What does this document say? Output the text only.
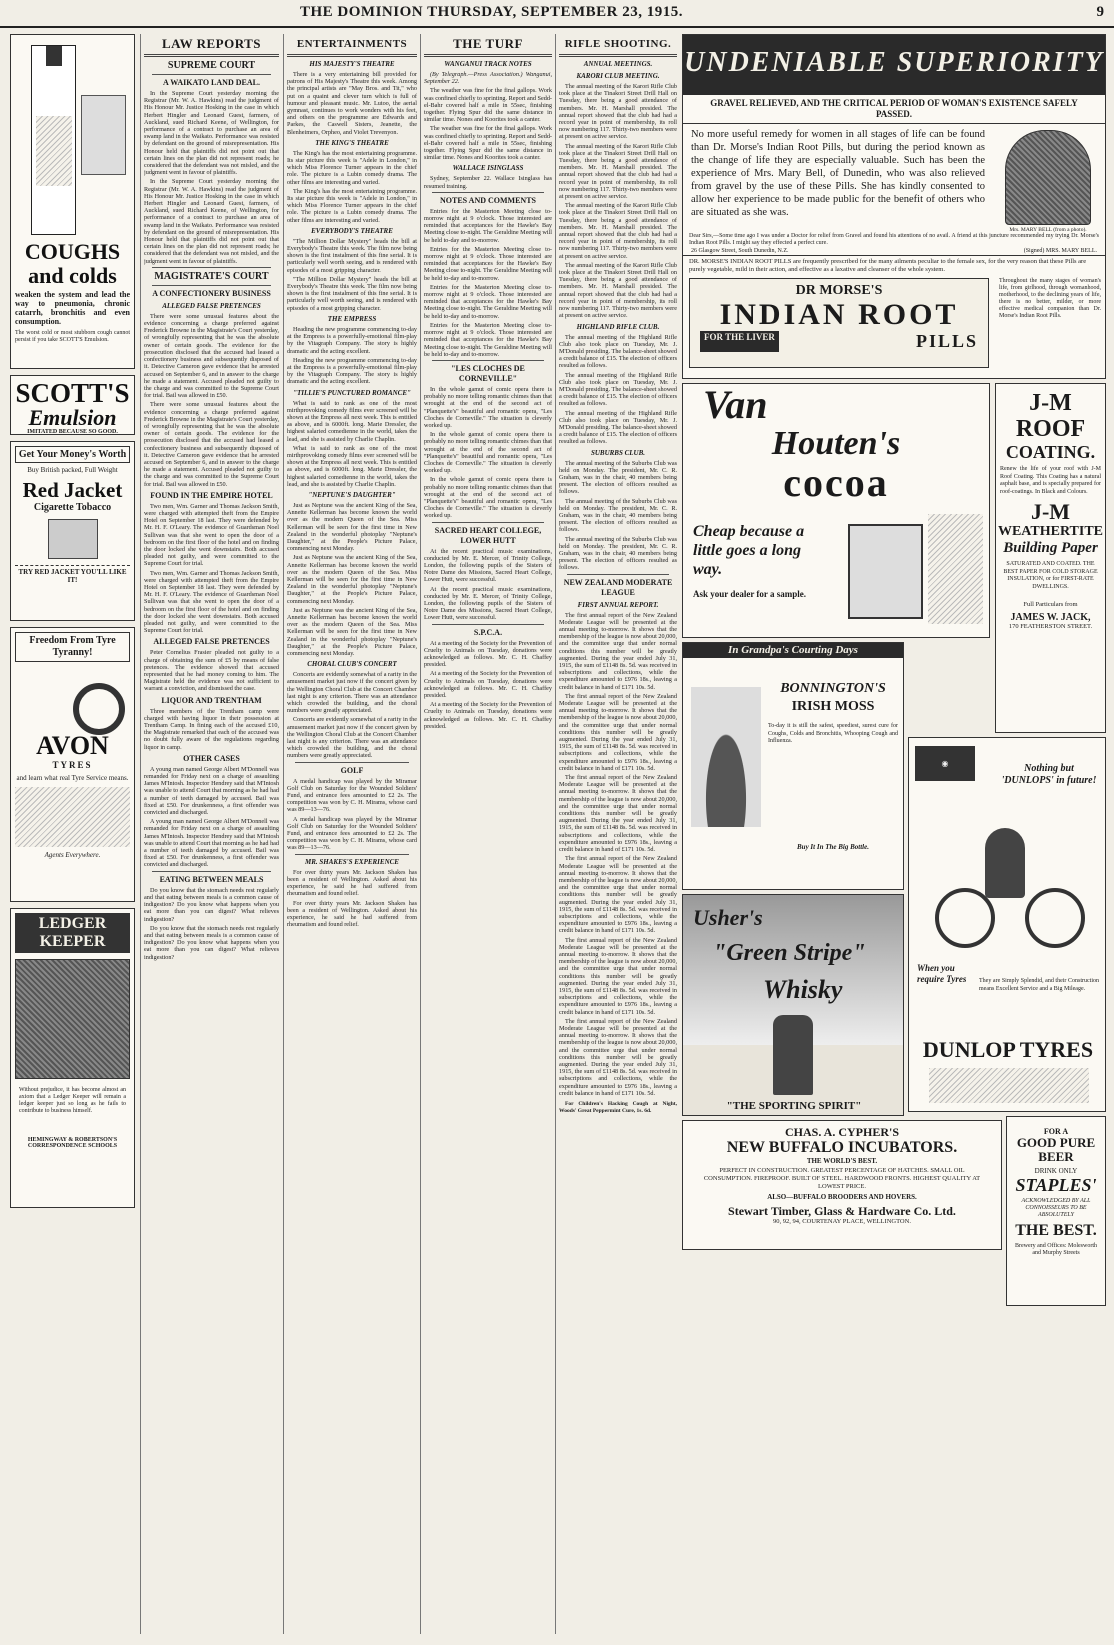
THE DOMINION THURSDAY, SEPTEMBER 23, 1915.	9
COUGHS
and colds
weaken the system and lead the way to pneumonia, chronic catarrh, bronchitis and even consumption.
The worst cold or most stubborn cough cannot persist if you take SCOTT'S Emulsion.
SCOTT'S
Emulsion
IMITATED BECAUSE SO GOOD.
Get Your Money's Worth
Buy British packed, Full Weight
Red Jacket
Cigarette Tobacco
TRY RED JACKET YOU'LL LIKE IT!
Freedom From Tyre Tyranny!
AVON
TYRES
and learn what real Tyre Service means.
Agents Everywhere.
LEDGER KEEPER
Without prejudice, it has become almost an axiom that a Ledger Keeper will remain a ledger keeper just so long as he fails to contribute to business himself.
HEMINGWAY & ROBERTSON'S CORRESPONDENCE SCHOOLS
LAW REPORTS
SUPREME COURT
A WAIKATO LAND DEAL.
In the Supreme Court yesterday morning the Registrar (Mr. W. A. Hawkins) read the judgment of His Honour Mr. Justice Hosking in the case in which Herbert Hingler and Leonard Guest, farmers, of Auckland, sued Richard Keene, of Wellington, for performance of a contract to purchase an area of swamp land in the Waikato. Performance was resisted by defendant on the ground of misrepresentation. His Honour held that plaintiffs did not point out that certain lines on the plan did not represent roads; he considered that the defendant was not misled, and the judgment went in favour of plaintiffs.
In the Supreme Court yesterday morning the Registrar (Mr. W. A. Hawkins) read the judgment of His Honour Mr. Justice Hosking in the case in which Herbert Hingler and Leonard Guest, farmers, of Auckland, sued Richard Keene, of Wellington, for performance of a contract to purchase an area of swamp land in the Waikato. Performance was resisted by defendant on the ground of misrepresentation. His Honour held that plaintiffs did not point out that certain lines on the plan did not represent roads; he considered that the defendant was not misled, and the judgment went in favour of plaintiffs.
MAGISTRATE'S COURT
A CONFECTIONERY BUSINESS
ALLEGED FALSE PRETENCES
There were some unusual features about the evidence concerning a charge preferred against Frederick Browne in the Magistrate's Court yesterday, of wrongfully representing that he was the absolute owner of certain goods. The evidence for the prosecution disclosed that the accused had leased a confectionery business and subsequently disposed of it. Detective Cameron gave evidence that he arrested accused on September 6, and in answer to the charge he made a statement. Accused pleaded not guilty to the charge and was committed to the Supreme Court for trial. Bail was allowed in £50.
There were some unusual features about the evidence concerning a charge preferred against Frederick Browne in the Magistrate's Court yesterday, of wrongfully representing that he was the absolute owner of certain goods. The evidence for the prosecution disclosed that the accused had leased a confectionery business and subsequently disposed of it. Detective Cameron gave evidence that he arrested accused on September 6, and in answer to the charge he made a statement. Accused pleaded not guilty to the charge and was committed to the Supreme Court for trial. Bail was allowed in £50.
FOUND IN THE EMPIRE HOTEL
Two men, Wm. Garner and Thomas Jackson Smith, were charged with attempted theft from the Empire Hotel on September 18 last. They were defended by Mr. H. F. O'Leary. The evidence of Guardsman Noel Sullivan was that she went to open the door of a bedroom on the first floor of the hotel and on finding the door locked she went downstairs. Both accused pleaded not guilty, and were committed to the Supreme Court for trial.
Two men, Wm. Garner and Thomas Jackson Smith, were charged with attempted theft from the Empire Hotel on September 18 last. They were defended by Mr. H. F. O'Leary. The evidence of Guardsman Noel Sullivan was that she went to open the door of a bedroom on the first floor of the hotel and on finding the door locked she went downstairs. Both accused pleaded not guilty, and were committed to the Supreme Court for trial.
ALLEGED FALSE PRETENCES
Peter Cornelius Frasier pleaded not guilty to a charge of obtaining the sum of £5 by means of false pretences. The evidence showed that accused represented that he had money coming to him. The Magistrate held the evidence was not sufficient to warrant a conviction, and dismissed the case.
LIQUOR AND TRENTHAM
Three members of the Trentham camp were charged with having liquor in their possession at Trentham Camp. In fining each of the accused £10, the Magistrate remarked that each of the accused was no doubt fully aware of the regulations regarding liquor in camp.
OTHER CASES
A young man named George Albert M'Donnell was remanded for Friday next on a charge of assaulting James M'Intosh. Inspector Hendrey said that M'Intosh was unable to attend Court that morning as he had had a number of teeth damaged by accused. Bail was fixed at £50. For drunkenness, a first offender was convicted and discharged.
A young man named George Albert M'Donnell was remanded for Friday next on a charge of assaulting James M'Intosh. Inspector Hendrey said that M'Intosh was unable to attend Court that morning as he had had a number of teeth damaged by accused. Bail was fixed at £50. For drunkenness, a first offender was convicted and discharged.
EATING BETWEEN MEALS
Do you know that the stomach needs rest regularly and that eating between meals is a common cause of indigestion? Do you know what happens when you eat more than you can digest? What relieves indigestion?
Do you know that the stomach needs rest regularly and that eating between meals is a common cause of indigestion? Do you know what happens when you eat more than you can digest? What relieves indigestion?
ENTERTAINMENTS
HIS MAJESTY'S THEATRE
There is a very entertaining bill provided for patrons of His Majesty's Theatre this week. Among the principal artists are "May Bros. and Tit," who put on a quaint and clever turn which is full of humour and pleasant music. Mr. Lutoo, the aerial gymnast, continues to work wonders with his feet, and others on the programme are Edwards and Parkes, the Caswell Sisters, Jeanette, the Blenheimers, Orpheo, and Violet Trevenyon.
THE KING'S THEATRE
The King's has the most entertaining programme. Its star picture this week is "Adele in London," in which Miss Florence Turner appears in the chief role. The picture is a Lubin comedy drama. The other films are interesting and varied.
The King's has the most entertaining programme. Its star picture this week is "Adele in London," in which Miss Florence Turner appears in the chief role. The picture is a Lubin comedy drama. The other films are interesting and varied.
EVERYBODY'S THEATRE
"The Million Dollar Mystery" heads the bill at Everybody's Theatre this week. The film now being shown is the first instalment of this fine serial. It is particularly well worth seeing, and is rendered with episodes of a most gripping character.
"The Million Dollar Mystery" heads the bill at Everybody's Theatre this week. The film now being shown is the first instalment of this fine serial. It is particularly well worth seeing, and is rendered with episodes of a most gripping character.
THE EMPRESS
Heading the new programme commencing to-day at the Empress is a powerfully-emotional film-play by the Vitagraph Company. The story is highly dramatic and the acting excellent.
Heading the new programme commencing to-day at the Empress is a powerfully-emotional film-play by the Vitagraph Company. The story is highly dramatic and the acting excellent.
"TILLIE'S PUNCTURED ROMANCE"
What is said to rank as one of the most mirthprovoking comedy films ever screened will be shown at the Empress all next week. This is entitled as above, and is 6000ft. long. Marie Dressler, the highest salaried comedienne in the world, takes the lead, and she is assisted by Charlie Chaplin.
What is said to rank as one of the most mirthprovoking comedy films ever screened will be shown at the Empress all next week. This is entitled as above, and is 6000ft. long. Marie Dressler, the highest salaried comedienne in the world, takes the lead, and she is assisted by Charlie Chaplin.
"NEPTUNE'S DAUGHTER"
Just as Neptune was the ancient King of the Sea, Annette Kellerman has become known the world over as the modern Queen of the Sea. Miss Kellerman will be seen for the first time in New Zealand in the wonderful photoplay "Neptune's Daughter," at the People's Picture Palace, commencing next Monday.
Just as Neptune was the ancient King of the Sea, Annette Kellerman has become known the world over as the modern Queen of the Sea. Miss Kellerman will be seen for the first time in New Zealand in the wonderful photoplay "Neptune's Daughter," at the People's Picture Palace, commencing next Monday.
Just as Neptune was the ancient King of the Sea, Annette Kellerman has become known the world over as the modern Queen of the Sea. Miss Kellerman will be seen for the first time in New Zealand in the wonderful photoplay "Neptune's Daughter," at the People's Picture Palace, commencing next Monday.
CHORAL CLUB'S CONCERT
Concerts are evidently somewhat of a rarity in the amusement market just now if the concert given by the Wellington Choral Club at the Concert Chamber last night is any criterion. There was an attendance which crowded the building, and the choral numbers were greatly appreciated.
Concerts are evidently somewhat of a rarity in the amusement market just now if the concert given by the Wellington Choral Club at the Concert Chamber last night is any criterion. There was an attendance which crowded the building, and the choral numbers were greatly appreciated.
GOLF
A medal handicap was played by the Miramar Golf Club on Saturday for the Wounded Soldiers' Fund, and entrance fees amounted to £2 2s. The competition was won by C. H. Mirams, whose card was 89—13—76.
A medal handicap was played by the Miramar Golf Club on Saturday for the Wounded Soldiers' Fund, and entrance fees amounted to £2 2s. The competition was won by C. H. Mirams, whose card was 89—13—76.
MR. SHAKES'S EXPERIENCE
For over thirty years Mr. Jackson Shakes has been a resident of Wellington. Asked about his experience, he said he had suffered from rheumatism and found relief.
For over thirty years Mr. Jackson Shakes has been a resident of Wellington. Asked about his experience, he said he had suffered from rheumatism and found relief.
THE TURF
WANGANUI TRACK NOTES
(By Telegraph.—Press Association.) Wanganui, September 22.
The weather was fine for the final gallops. Work was confined chiefly to sprinting. Report and Sedd-el-Bahr covered half a mile in 55sec, finishing together. Flying Spur did the same distance in similar time. Nones and Koorites took a canter.
The weather was fine for the final gallops. Work was confined chiefly to sprinting. Report and Sedd-el-Bahr covered half a mile in 55sec, finishing together. Flying Spur did the same distance in similar time. Nones and Koorites took a canter.
WALLACE ISINGLASS
Sydney, September 22. Wallace Isinglass has resumed training.
NOTES AND COMMENTS
Entries for the Masterton Meeting close to-morrow night at 9 o'clock. Those interested are reminded that acceptances for the Hawke's Bay Meeting close to-night. The Geraldine Meeting will be held to-day and to-morrow.
Entries for the Masterton Meeting close to-morrow night at 9 o'clock. Those interested are reminded that acceptances for the Hawke's Bay Meeting close to-night. The Geraldine Meeting will be held to-day and to-morrow.
Entries for the Masterton Meeting close to-morrow night at 9 o'clock. Those interested are reminded that acceptances for the Hawke's Bay Meeting close to-night. The Geraldine Meeting will be held to-day and to-morrow.
Entries for the Masterton Meeting close to-morrow night at 9 o'clock. Those interested are reminded that acceptances for the Hawke's Bay Meeting close to-night. The Geraldine Meeting will be held to-day and to-morrow.
"LES CLOCHES DE CORNEVILLE"
In the whole gamut of comic opera there is probably no more telling romantic chimes than that wrought at the end of the second act of "Planquette's" beautiful and romantic opera, "Les Cloches de Corneville." The situation is cleverly worked up.
In the whole gamut of comic opera there is probably no more telling romantic chimes than that wrought at the end of the second act of "Planquette's" beautiful and romantic opera, "Les Cloches de Corneville." The situation is cleverly worked up.
In the whole gamut of comic opera there is probably no more telling romantic chimes than that wrought at the end of the second act of "Planquette's" beautiful and romantic opera, "Les Cloches de Corneville." The situation is cleverly worked up.
SACRED HEART COLLEGE, LOWER HUTT
At the recent practical music examinations, conducted by Mr. E. Mercer, of Trinity College, London, the following pupils of the Sisters of Notre Dame des Missions, Sacred Heart College, Lower Hutt, were successful.
At the recent practical music examinations, conducted by Mr. E. Mercer, of Trinity College, London, the following pupils of the Sisters of Notre Dame des Missions, Sacred Heart College, Lower Hutt, were successful.
S.P.C.A.
At a meeting of the Society for the Prevention of Cruelty to Animals on Tuesday, donations were acknowledged as follows. Mr. C. H. Chaffey presided.
At a meeting of the Society for the Prevention of Cruelty to Animals on Tuesday, donations were acknowledged as follows. Mr. C. H. Chaffey presided.
At a meeting of the Society for the Prevention of Cruelty to Animals on Tuesday, donations were acknowledged as follows. Mr. C. H. Chaffey presided.
RIFLE SHOOTING.
ANNUAL MEETINGS.
KARORI CLUB MEETING.
The annual meeting of the Karori Rifle Club took place at the Tinakori Street Drill Hall on Tuesday, there being a good attendance of members. Mr. H. Marshall presided. The annual report showed that the club had had a record year in point of membership, its roll now numbering 117. Thirty-two members were at present on active service.
The annual meeting of the Karori Rifle Club took place at the Tinakori Street Drill Hall on Tuesday, there being a good attendance of members. Mr. H. Marshall presided. The annual report showed that the club had had a record year in point of membership, its roll now numbering 117. Thirty-two members were at present on active service.
The annual meeting of the Karori Rifle Club took place at the Tinakori Street Drill Hall on Tuesday, there being a good attendance of members. Mr. H. Marshall presided. The annual report showed that the club had had a record year in point of membership, its roll now numbering 117. Thirty-two members were at present on active service.
The annual meeting of the Karori Rifle Club took place at the Tinakori Street Drill Hall on Tuesday, there being a good attendance of members. Mr. H. Marshall presided. The annual report showed that the club had had a record year in point of membership, its roll now numbering 117. Thirty-two members were at present on active service.
HIGHLAND RIFLE CLUB.
The annual meeting of the Highland Rifle Club also took place on Tuesday, Mr. J. M'Donald presiding. The balance-sheet showed a credit balance of £15. The election of officers resulted as follows.
The annual meeting of the Highland Rifle Club also took place on Tuesday, Mr. J. M'Donald presiding. The balance-sheet showed a credit balance of £15. The election of officers resulted as follows.
The annual meeting of the Highland Rifle Club also took place on Tuesday, Mr. J. M'Donald presiding. The balance-sheet showed a credit balance of £15. The election of officers resulted as follows.
SUBURBS CLUB.
The annual meeting of the Suburbs Club was held on Monday. The president, Mr. C. R. Graham, was in the chair, 40 members being present. The election of officers resulted as follows.
The annual meeting of the Suburbs Club was held on Monday. The president, Mr. C. R. Graham, was in the chair, 40 members being present. The election of officers resulted as follows.
The annual meeting of the Suburbs Club was held on Monday. The president, Mr. C. R. Graham, was in the chair, 40 members being present. The election of officers resulted as follows.
NEW ZEALAND MODERATE LEAGUE
FIRST ANNUAL REPORT.
The first annual report of the New Zealand Moderate League will be presented at the annual meeting to-morrow. It shows that the membership of the league is now about 20,000, and the committee urge that under normal conditions this number will be greatly augmented. During the year ended July 31, 1915, the sum of £1148 8s. 5d. was received in subscriptions and collections, while the expenditure amounted to £976 18s., leaving a credit balance in hand of £171 10s. 5d.
The first annual report of the New Zealand Moderate League will be presented at the annual meeting to-morrow. It shows that the membership of the league is now about 20,000, and the committee urge that under normal conditions this number will be greatly augmented. During the year ended July 31, 1915, the sum of £1148 8s. 5d. was received in subscriptions and collections, while the expenditure amounted to £976 18s., leaving a credit balance in hand of £171 10s. 5d.
The first annual report of the New Zealand Moderate League will be presented at the annual meeting to-morrow. It shows that the membership of the league is now about 20,000, and the committee urge that under normal conditions this number will be greatly augmented. During the year ended July 31, 1915, the sum of £1148 8s. 5d. was received in subscriptions and collections, while the expenditure amounted to £976 18s., leaving a credit balance in hand of £171 10s. 5d.
The first annual report of the New Zealand Moderate League will be presented at the annual meeting to-morrow. It shows that the membership of the league is now about 20,000, and the committee urge that under normal conditions this number will be greatly augmented. During the year ended July 31, 1915, the sum of £1148 8s. 5d. was received in subscriptions and collections, while the expenditure amounted to £976 18s., leaving a credit balance in hand of £171 10s. 5d.
The first annual report of the New Zealand Moderate League will be presented at the annual meeting to-morrow. It shows that the membership of the league is now about 20,000, and the committee urge that under normal conditions this number will be greatly augmented. During the year ended July 31, 1915, the sum of £1148 8s. 5d. was received in subscriptions and collections, while the expenditure amounted to £976 18s., leaving a credit balance in hand of £171 10s. 5d.
The first annual report of the New Zealand Moderate League will be presented at the annual meeting to-morrow. It shows that the membership of the league is now about 20,000, and the committee urge that under normal conditions this number will be greatly augmented. During the year ended July 31, 1915, the sum of £1148 8s. 5d. was received in subscriptions and collections, while the expenditure amounted to £976 18s., leaving a credit balance in hand of £171 10s. 5d.
For Children's Hacking Cough at Night, Woods' Great Peppermint Cure, 1s. 6d.
UNDENIABLE SUPERIORITY
GRAVEL RELIEVED, AND THE CRITICAL PERIOD OF WOMAN'S EXISTENCE SAFELY PASSED.
No more useful remedy for women in all stages of life can be found than Dr. Morse's Indian Root Pills, but during the period known as the change of life they are especially valuable. Such has been the experience of Mrs. Mary Bell, of Dunedin, who was also relieved from gravel by the use of these Pills. She has kindly consented to allow her experience to be made public for the benefit of others who are situated as she was.
Mrs. MARY BELL (from a photo).
Dear Sirs,—Some time ago I was under a Doctor for relief from Gravel and found his attentions of no avail. A friend at this juncture recommended my trying Dr. Morse's Indian Root Pills. I might say they effected a perfect cure.
26 Glasgow Street, South Dunedin, N.Z.	(Signed) MRS. MARY BELL.
DR. MORSE'S INDIAN ROOT PILLS are frequently prescribed for the many ailments peculiar to the female sex, for the very reason that these Pills are purely vegetable, mild in their action, and effective as a laxative and cleanser of the whole system.
DR MORSE'S
INDIAN ROOT
FOR THE LIVER	PILLS
Throughout the many stages of woman's life, from girlhood, through womanhood, motherhood, to the declining years of life, there is no better, milder, or more effective medical companion than Dr. Morse's Indian Root Pills.
Van
Houten's
cocoa
Cheap because a little goes a long way.
Ask your dealer for a sample.
J-M
ROOF
COATING.
Renew the life of your roof with J-M Roof Coating. This Coating has a natural asphalt base, and is specially prepared for roof-coatings. In Black and Colours.
J-M
WEATHERTITE
Building Paper
SATURATED AND COATED. THE BEST PAPER FOR COLD STORAGE INSULATION, or for FIRST-RATE DWELLINGS.
Full Particulars from
JAMES W. JACK,
170 FEATHERSTON STREET.
In Grandpa's Courting Days
BONNINGTON'S
IRISH MOSS
To-day it is still the safest, speediest, surest cure for Coughs, Colds and Bronchitis, Whooping Cough and Influenza.
Buy It In The Big Bottle.
◉	Nothing but 'DUNLOPS' in future!
When you require Tyres	They are Simply Splendid, and their Construction means Excellent Service and a Big Mileage.
DUNLOP TYRES
Usher's
"Green Stripe"
Whisky
"THE SPORTING SPIRIT"
CHAS. A. CYPHER'S
NEW BUFFALO INCUBATORS.
THE WORLD'S BEST.
PERFECT IN CONSTRUCTION. GREATEST PERCENTAGE OF HATCHES. SMALL OIL CONSUMPTION. FIREPROOF. BUILT OF STEEL. HARDWOOD FRONTS. HIGHEST QUALITY AT LOWEST PRICE.
ALSO—BUFFALO BROODERS AND HOVERS.
Stewart Timber, Glass & Hardware Co. Ltd.
90, 92, 94, COURTENAY PLACE, WELLINGTON.
FOR A
GOOD PURE BEER
DRINK ONLY
STAPLES'
ACKNOWLEDGED BY ALL CONNOISSEURS TO BE ABSOLUTELY
THE BEST.
Brewery and Offices: Molesworth and Murphy Streets
